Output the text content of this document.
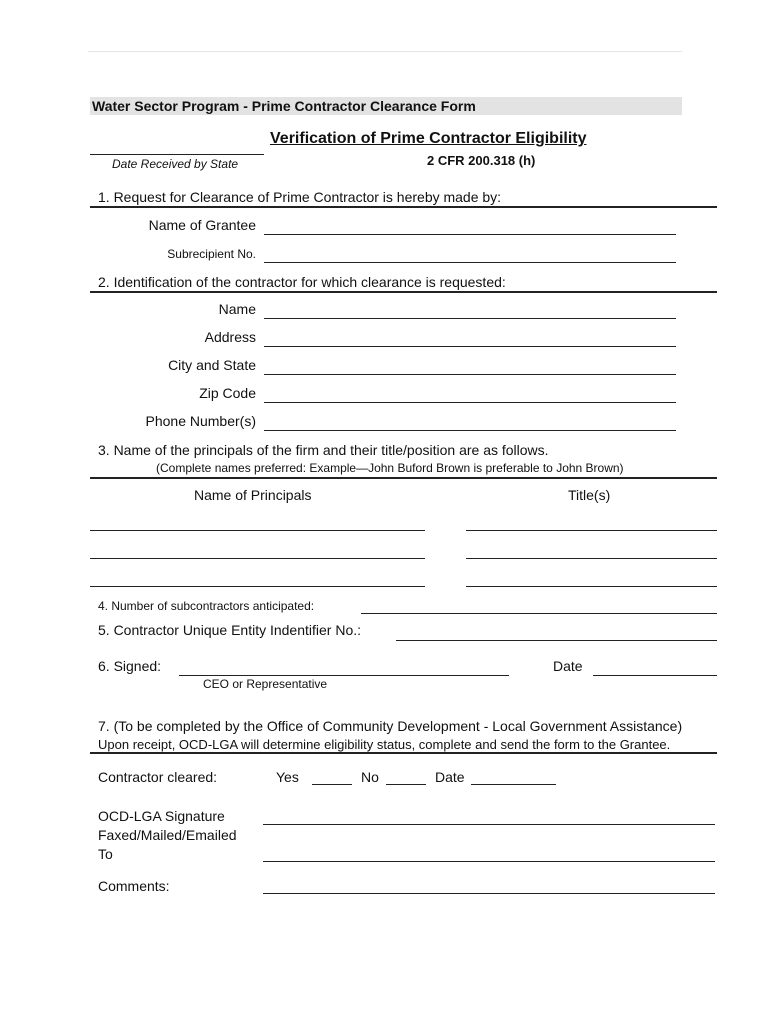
Water Sector Program - Prime Contractor Clearance Form
Verification of Prime Contractor Eligibility
2 CFR 200.318 (h)
Date Received by State
1. Request for Clearance of Prime Contractor is hereby made by:
Name of Grantee
Subrecipient No.
2. Identification of the contractor for which clearance is requested:
Name
Address
City and State
Zip Code
Phone Number(s)
3. Name of the principals of the firm and their title/position are as follows.
(Complete names preferred: Example—John Buford Brown is preferable to John Brown)
Name of Principals	Title(s)
4. Number of subcontractors anticipated:
5. Contractor Unique Entity Indentifier No.:
6. Signed:	Date
CEO or Representative
7. (To be completed by the Office of Community Development - Local Government Assistance)
Upon receipt, OCD-LGA will determine eligibility status, complete and send the form to the Grantee.
Contractor cleared:	Yes	No	Date
OCD-LGA Signature
Faxed/Mailed/Emailed
To
Comments:
